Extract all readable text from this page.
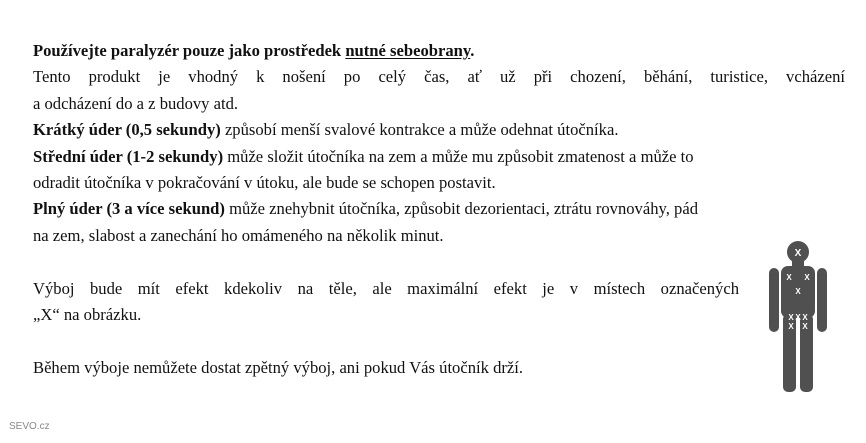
Používejte paralyzér pouze jako prostředek nutné sebeobrany.
Tento produkt je vhodný k nošení po celý čas, ať už při chození, běhání, turistice, vcházení
a odcházení do a z budovy atd.
Krátký úder (0,5 sekundy) způsobí menší svalové kontrakce a může odehnat útočníka.
Střední úder (1-2 sekundy) může složit útočníka na zem a může mu způsobit zmatenost a může to
odradit útočníka v pokračování v útoku, ale bude se schopen postavit.
Plný úder (3 a více sekund) může znehybnit útočníka, způsobit dezorientaci, ztrátu rovnováhy, pád
na zem, slabost a zanechání ho omámeného na několik minut.
Výboj bude mít efekt kdekoliv na těle, ale maximální efekt je v místech označených
„X“ na obrázku.
Během výboje nemůžete dostat zpětný výboj, ani pokud Vás útočník drží.
X
X X
X
X X X
X X
SEVO.cz
